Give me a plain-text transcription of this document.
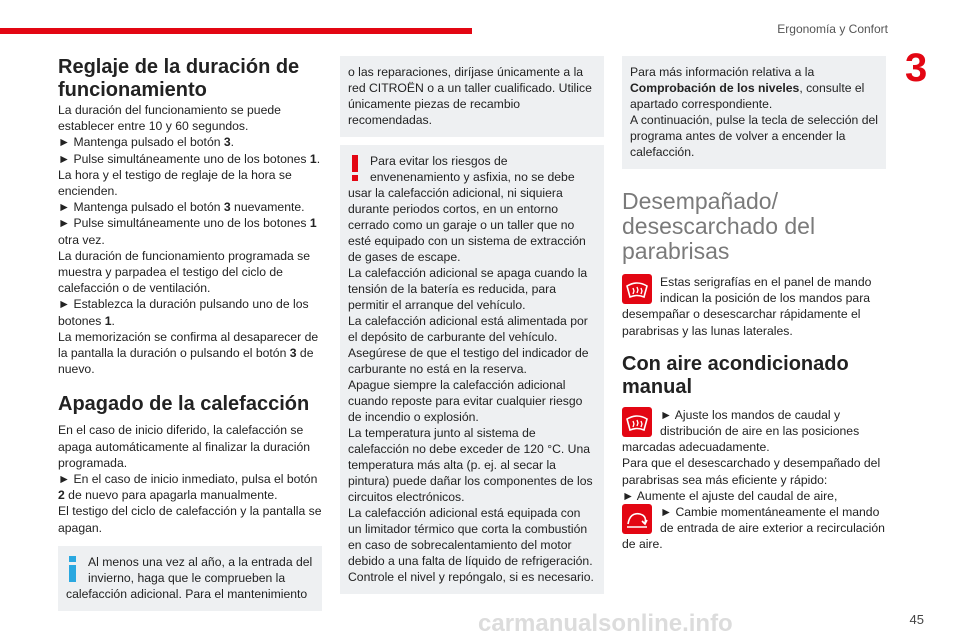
Ergonomía y Confort
3
Reglaje de la duración de funcionamiento

La duración del funcionamiento se puede establecer entre 10 y 60 segundos.

► Mantenga pulsado el botón 3.

► Pulse simultáneamente uno de los botones 1.

La hora y el testigo de reglaje de la hora se encienden.

► Mantenga pulsado el botón 3 nuevamente.

► Pulse simultáneamente uno de los botones 1 otra vez.

La duración de funcionamiento programada se muestra y parpadea el testigo del ciclo de calefacción o de ventilación.

► Establezca la duración pulsando uno de los botones 1.

La memorización se confirma al desaparecer de la pantalla la duración o pulsando el botón 3 de nuevo.

Apagado de la calefacción

En el caso de inicio diferido, la calefacción se apaga automáticamente al finalizar la duración programada.

► En el caso de inicio inmediato, pulsa el botón 2 de nuevo para apagarla manualmente.

El testigo del ciclo de calefacción y la pantalla se apagan.

Al menos una vez al año, a la entrada del invierno, haga que le comprueben la calefacción adicional. Para el mantenimiento

o las reparaciones, diríjase únicamente a la red CITROËN o a un taller cualificado. Utilice únicamente piezas de recambio recomendadas.

Para evitar los riesgos de envenenamiento y asfixia, no se debe usar la calefacción adicional, ni siquiera durante periodos cortos, en un entorno cerrado como un garaje o un taller que no esté equipado con un sistema de extracción de gases de escape.

La calefacción adicional se apaga cuando la tensión de la batería es reducida, para permitir el arranque del vehículo.

La calefacción adicional está alimentada por el depósito de carburante del vehículo. Asegúrese de que el testigo del indicador de carburante no está en la reserva.

Apague siempre la calefacción adicional cuando reposte para evitar cualquier riesgo de incendio o explosión.

La temperatura junto al sistema de calefacción no debe exceder de 120 °C. Una temperatura más alta (p. ej. al secar la pintura) puede dañar los componentes de los circuitos electrónicos.

La calefacción adicional está equipada con un limitador térmico que corta la combustión en caso de sobrecalentamiento del motor debido a una falta de líquido de refrigeración. Controle el nivel y repóngalo, si es necesario.

Para más información relativa a la Comprobación de los niveles, consulte el apartado correspondiente.

A continuación, pulse la tecla de selección del programa antes de volver a encender la calefacción.

Desempañado/ desescarchado del parabrisas

Estas serigrafías en el panel de mando indican la posición de los mandos para desempañar o desescarchar rápidamente el parabrisas y las lunas laterales.

Con aire acondicionado manual

► Ajuste los mandos de caudal y distribución de aire en las posiciones marcadas adecuadamente.

Para que el desescarchado y desempañado del parabrisas sea más eficiente y rápido:

► Aumente el ajuste del caudal de aire,

► Cambie momentáneamente el mando de entrada de aire exterior a recirculación de aire.

carmanualsonline.info	45
